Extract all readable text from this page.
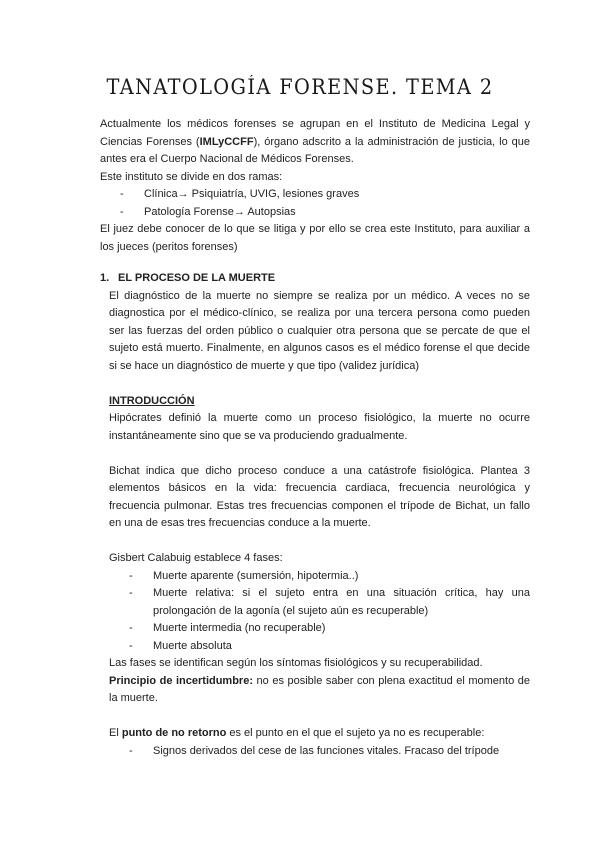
TANATOLOGÍA FORENSE. TEMA 2

Actualmente los médicos forenses se agrupan en el Instituto de Medicina Legal y Ciencias Forenses (IMLyCCFF), órgano adscrito a la administración de justicia, lo que antes era el Cuerpo Nacional de Médicos Forenses.

Este instituto se divide en dos ramas:

- Clínica→ Psiquiatría, UVIG, lesiones graves
- Patología Forense→ Autopsias

El juez debe conocer de lo que se litiga y por ello se crea este Instituto, para auxiliar a los jueces (peritos forenses)

1. EL PROCESO DE LA MUERTE

El diagnóstico de la muerte no siempre se realiza por un médico. A veces no se diagnostica por el médico-clínico, se realiza por una tercera persona como pueden ser las fuerzas del orden público o cualquier otra persona que se percate de que el sujeto está muerto. Finalmente, en algunos casos es el médico forense el que decide si se hace un diagnóstico de muerte y que tipo (validez jurídica)

INTRODUCCIÓN

Hipócrates definió la muerte como un proceso fisiológico, la muerte no ocurre instantáneamente sino que se va produciendo gradualmente.

Bichat indica que dicho proceso conduce a una catástrofe fisiológica. Plantea 3 elementos básicos en la vida: frecuencia cardiaca, frecuencia neurológica y frecuencia pulmonar. Estas tres frecuencias componen el trípode de Bichat, un fallo en una de esas tres frecuencias conduce a la muerte.

Gisbert Calabuig establece 4 fases:

- Muerte aparente (sumersión, hipotermia..)
- Muerte relativa: si el sujeto entra en una situación crítica, hay una prolongación de la agonía (el sujeto aún es recuperable)
- Muerte intermedia (no recuperable)
- Muerte absoluta

Las fases se identifican según los síntomas fisiológicos y su recuperabilidad.

Principio de incertidumbre: no es posible saber con plena exactitud el momento de la muerte.

El punto de no retorno es el punto en el que el sujeto ya no es recuperable:

- Signos derivados del cese de las funciones vitales. Fracaso del trípode
